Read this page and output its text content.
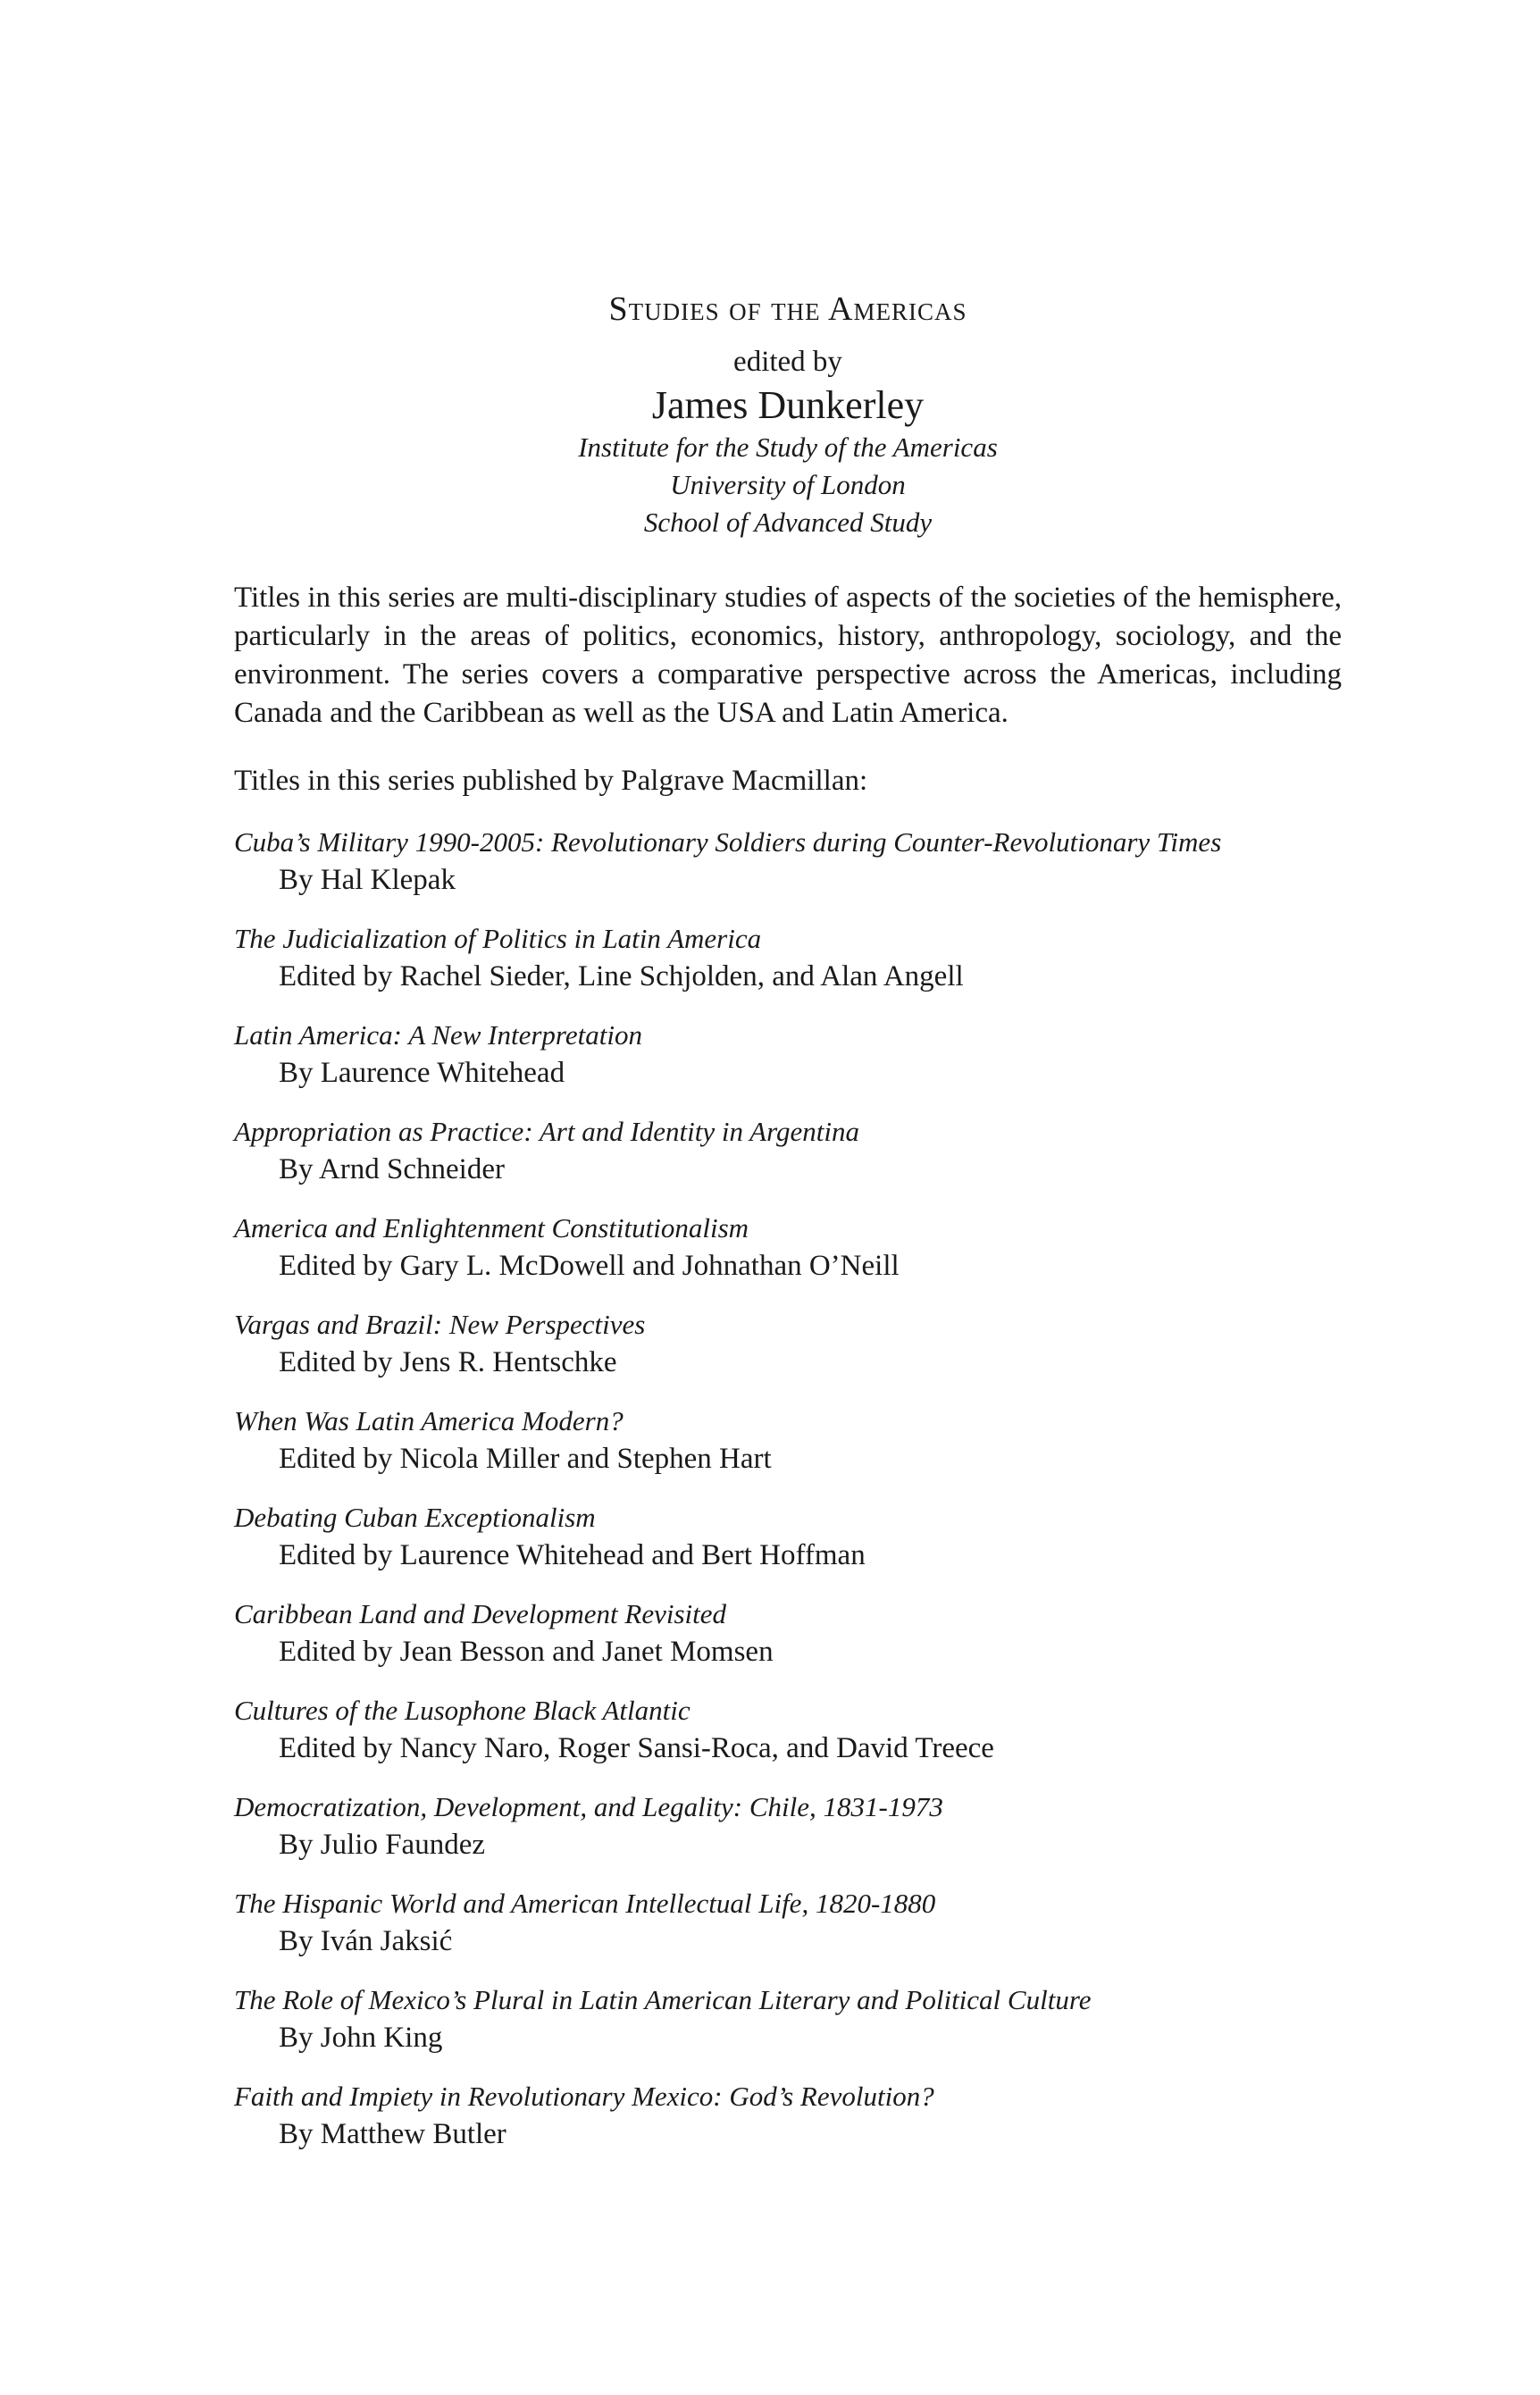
Studies of the Americas
edited by
James Dunkerley
Institute for the Study of the Americas
University of London
School of Advanced Study

Titles in this series are multi-disciplinary studies of aspects of the societies of the hemisphere, particularly in the areas of politics, economics, history, anthropology, sociology, and the environment. The series covers a comparative perspective across the Americas, including Canada and the Caribbean as well as the USA and Latin America.

Titles in this series published by Palgrave Macmillan:
Cuba’s Military 1990-2005: Revolutionary Soldiers during Counter-Revolutionary Times
By Hal Klepak
The Judicialization of Politics in Latin America
Edited by Rachel Sieder, Line Schjolden, and Alan Angell
Latin America: A New Interpretation
By Laurence Whitehead
Appropriation as Practice: Art and Identity in Argentina
By Arnd Schneider
America and Enlightenment Constitutionalism
Edited by Gary L. McDowell and Johnathan O’Neill
Vargas and Brazil: New Perspectives
Edited by Jens R. Hentschke
When Was Latin America Modern?
Edited by Nicola Miller and Stephen Hart
Debating Cuban Exceptionalism
Edited by Laurence Whitehead and Bert Hoffman
Caribbean Land and Development Revisited
Edited by Jean Besson and Janet Momsen
Cultures of the Lusophone Black Atlantic
Edited by Nancy Naro, Roger Sansi-Roca, and David Treece
Democratization, Development, and Legality: Chile, 1831-1973
By Julio Faundez
The Hispanic World and American Intellectual Life, 1820-1880
By Iván Jaksić
The Role of Mexico’s Plural in Latin American Literary and Political Culture
By John King
Faith and Impiety in Revolutionary Mexico: God’s Revolution?
By Matthew Butler
